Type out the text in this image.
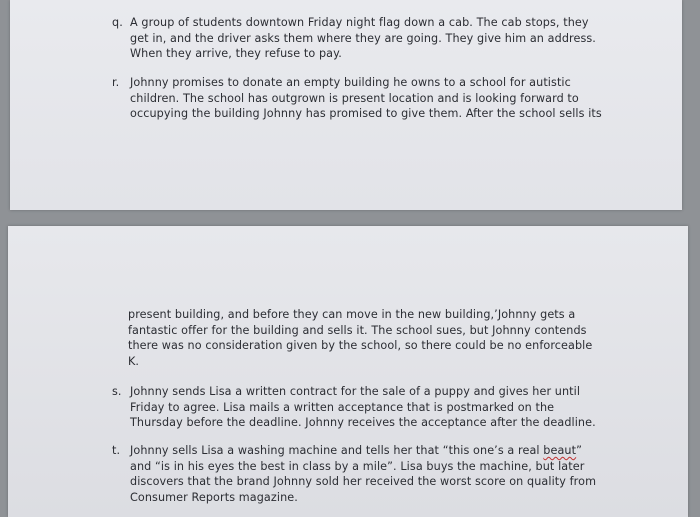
q. A group of students downtown Friday night flag down a cab. The cab stops, they get in, and the driver asks them where they are going. They give him an address. When they arrive, they refuse to pay.
r. Johnny promises to donate an empty building he owns to a school for autistic children. The school has outgrown is present location and is looking forward to occupying the building Johnny has promised to give them. After the school sells its
present building, and before they can move in the new building,’Johnny gets a fantastic offer for the building and sells it. The school sues, but Johnny contends there was no consideration given by the school, so there could be no enforceable K.
s. Johnny sends Lisa a written contract for the sale of a puppy and gives her until Friday to agree. Lisa mails a written acceptance that is postmarked on the Thursday before the deadline. Johnny receives the acceptance after the deadline.
t. Johnny sells Lisa a washing machine and tells her that “this one’s a real beaut” and “is in his eyes the best in class by a mile”. Lisa buys the machine, but later discovers that the brand Johnny sold her received the worst score on quality from Consumer Reports magazine.
